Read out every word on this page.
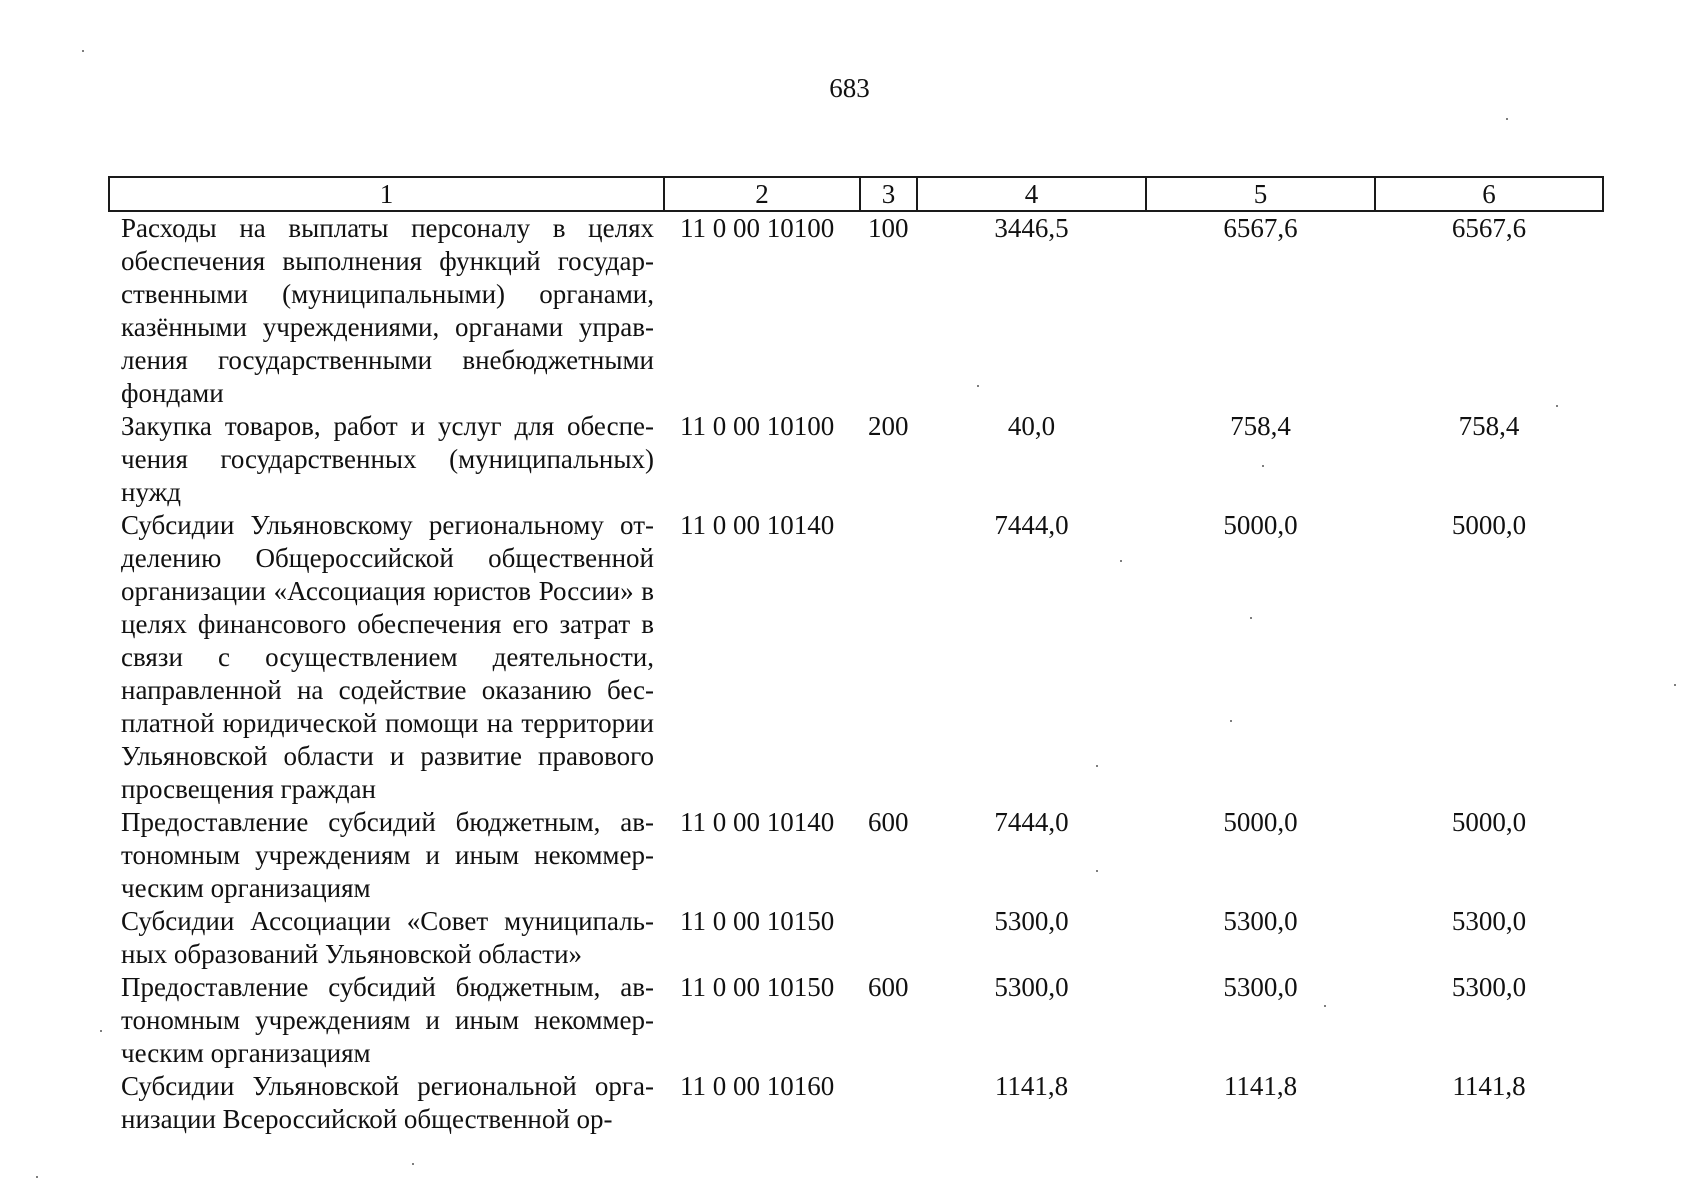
683
1	2	3	4	5	6
Расходы на выплаты персоналу в целях обеспечения выполнения функций государственными (муниципальными) органами, казёнными учреждениями, органами управления государственными внебюджетными фондами	11 0 00 10100	100	3446,5	6567,6	6567,6
Закупка товаров, работ и услуг для обеспечения государственных (муниципальных) нужд	11 0 00 10100	200	40,0	758,4	758,4
Субсидии Ульяновскому региональному отделению Общероссийской общественной организации «Ассоциация юристов России» в целях финансового обеспечения его затрат в связи с осуществлением деятельности, направленной на содействие оказанию бесплатной юридической помощи на территории Ульяновской области и развитие правового просвещения граждан	11 0 00 10140		7444,0	5000,0	5000,0
Предоставление субсидий бюджетным, автономным учреждениям и иным некоммерческим организациям	11 0 00 10140	600	7444,0	5000,0	5000,0
Субсидии Ассоциации «Совет муниципальных образований Ульяновской области»	11 0 00 10150		5300,0	5300,0	5300,0
Предоставление субсидий бюджетным, автономным учреждениям и иным некоммерческим организациям	11 0 00 10150	600	5300,0	5300,0	5300,0
Субсидии Ульяновской региональной организации Всероссийской общественной ор-	11 0 00 10160		1141,8	1141,8	1141,8
